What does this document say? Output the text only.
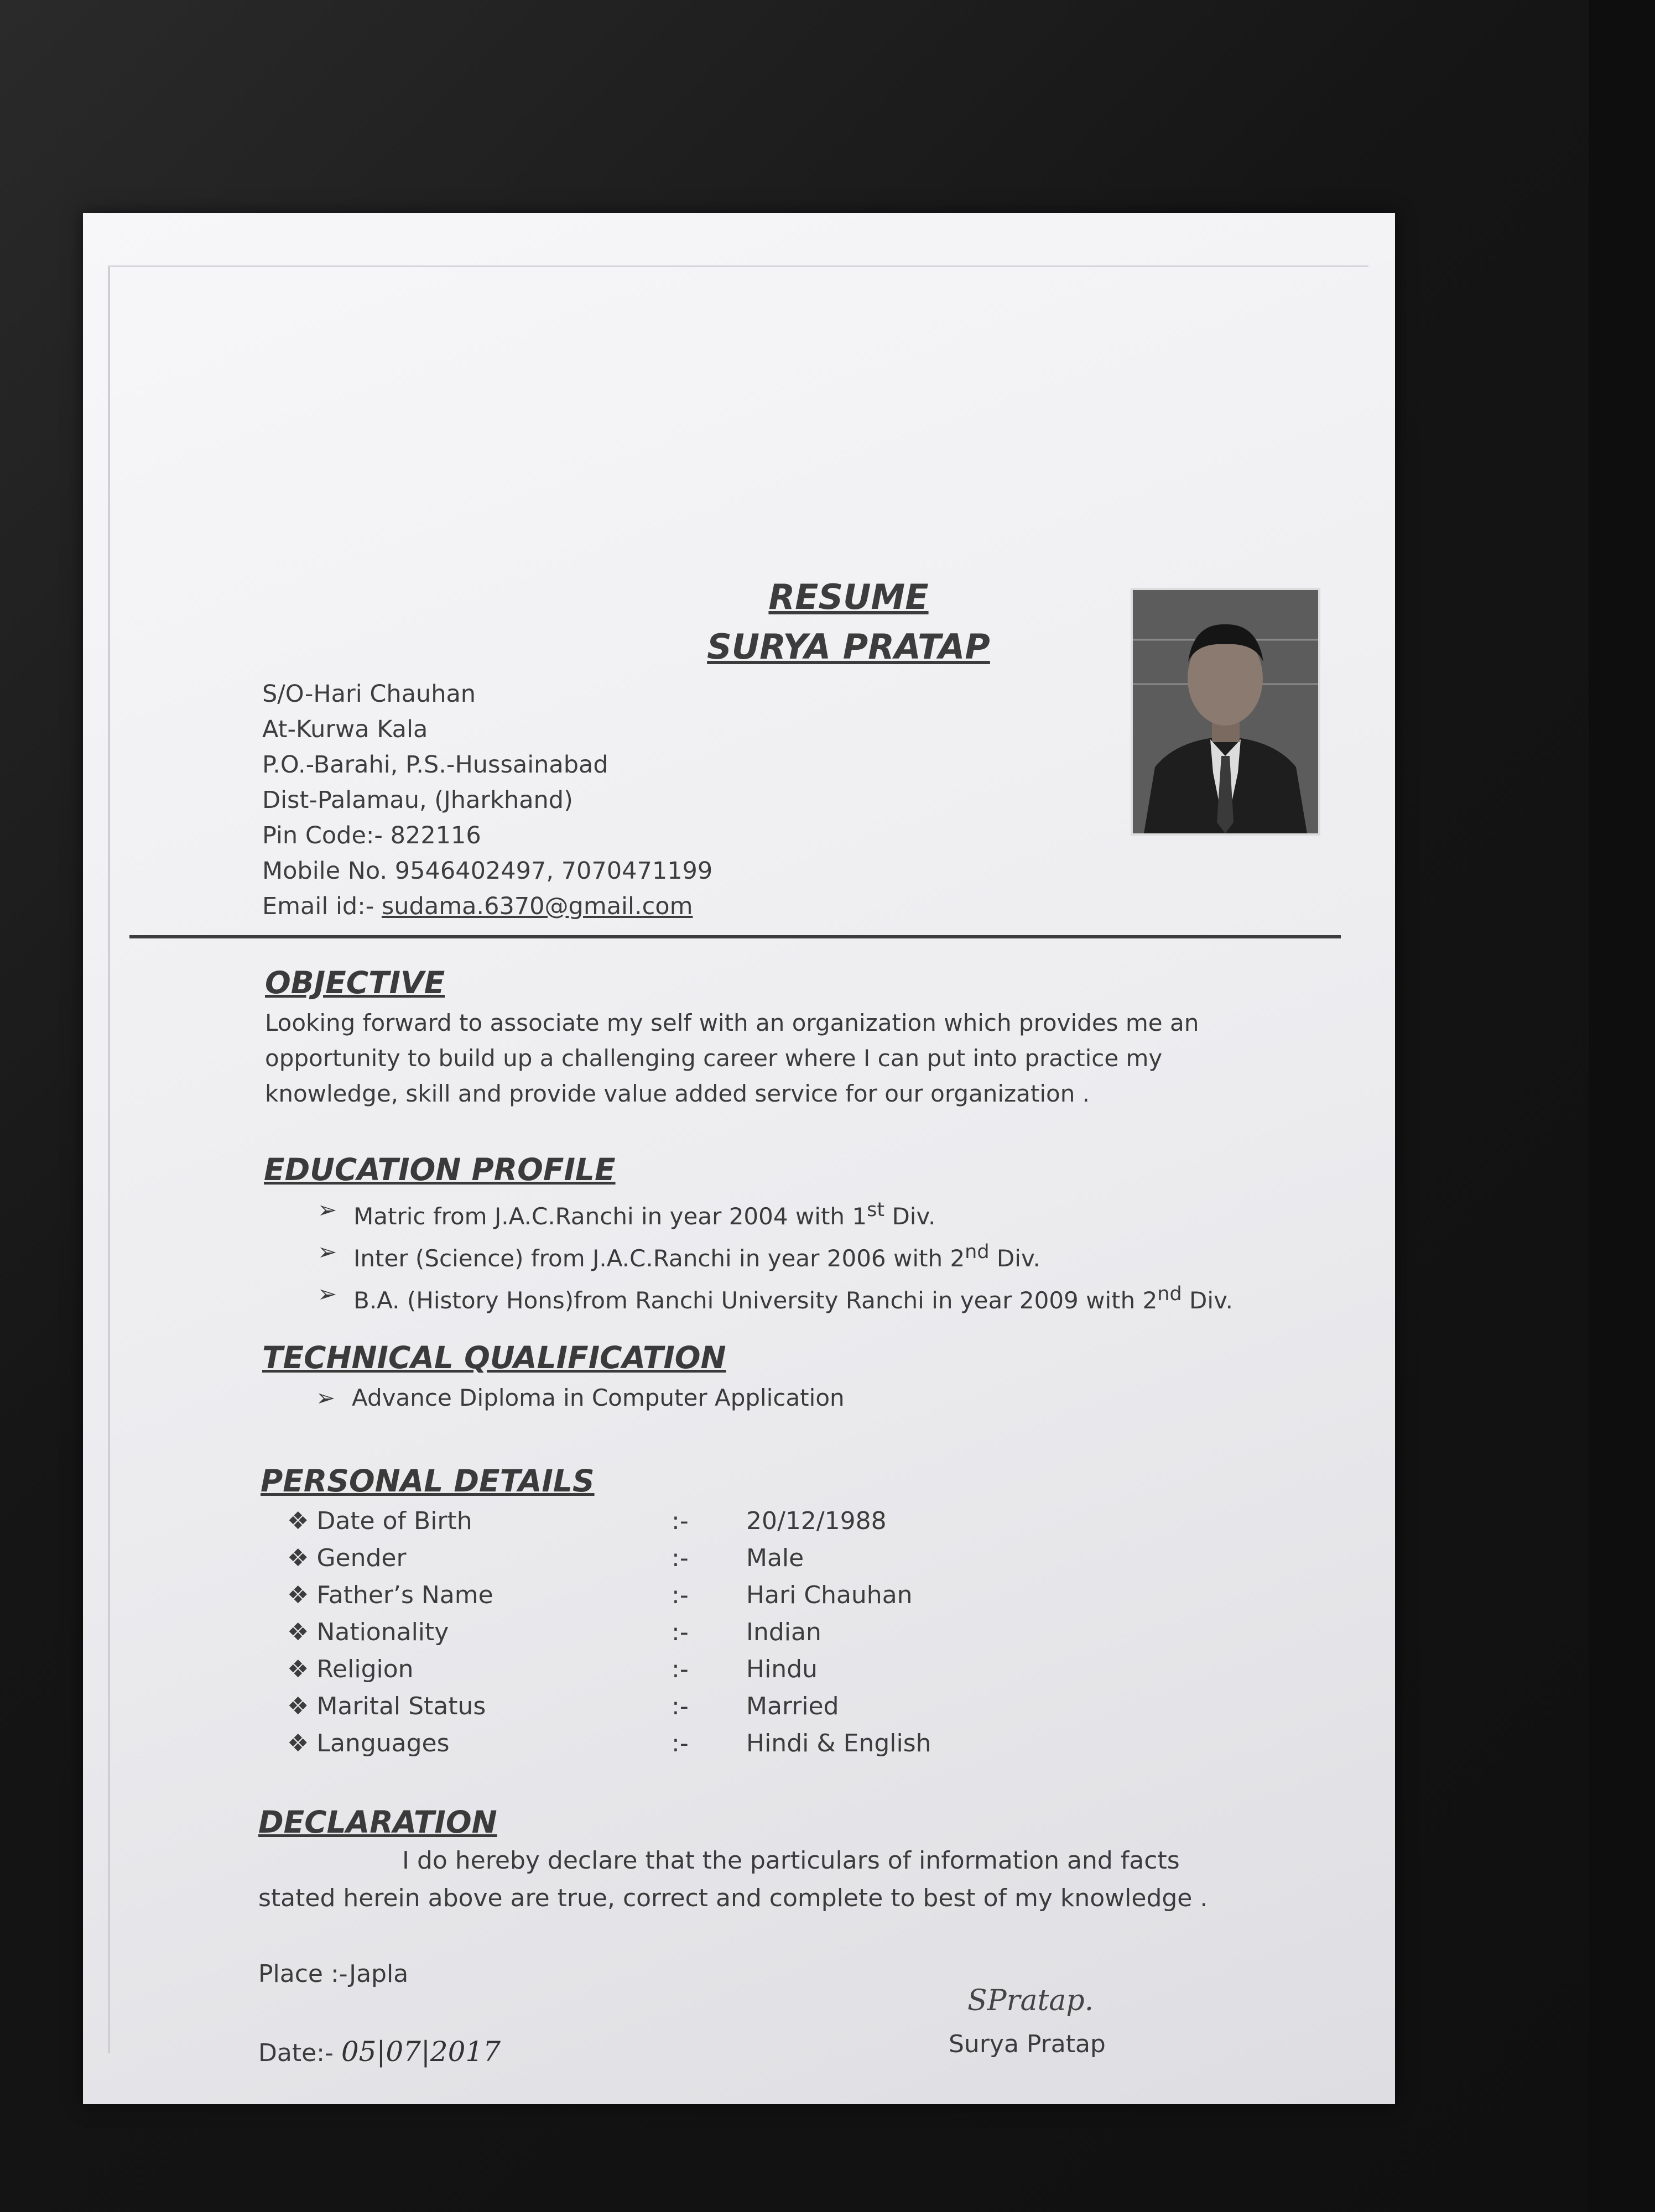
RESUME
SURYA PRATAP
S/O-Hari Chauhan
At-Kurwa Kala
P.O.-Barahi, P.S.-Hussainabad
Dist-Palamau, (Jharkhand)
Pin Code:- 822116
Mobile No. 9546402497, 7070471199
Email id:- sudama.6370@gmail.com
OBJECTIVE
Looking forward to associate my self with an organization which provides me an
opportunity to build up a challenging career where I can put into practice my
knowledge, skill and provide value added service for our organization .
EDUCATION PROFILE
➢ Matric from J.A.C.Ranchi in year 2004 with 1st Div.
➢ Inter (Science) from J.A.C.Ranchi in year 2006 with 2nd Div.
➢ B.A. (History Hons)from Ranchi University Ranchi in year 2009 with 2nd Div.
TECHNICAL QUALIFICATION
➢ Advance Diploma in Computer Application
PERSONAL DETAILS
❖ Date of Birth	:- 20/12/1988
❖ Gender	:- Male
❖ Father’s Name	:- Hari Chauhan
❖ Nationality	:- Indian
❖ Religion	:- Hindu
❖ Marital Status	:- Married
❖ Languages	:- Hindi & English
DECLARATION
I do hereby declare that the particulars of information and facts
stated herein above are true, correct and complete to best of my knowledge .
Place :-Japla
Date:- 05|07|2017
SPratap.
Surya Pratap
